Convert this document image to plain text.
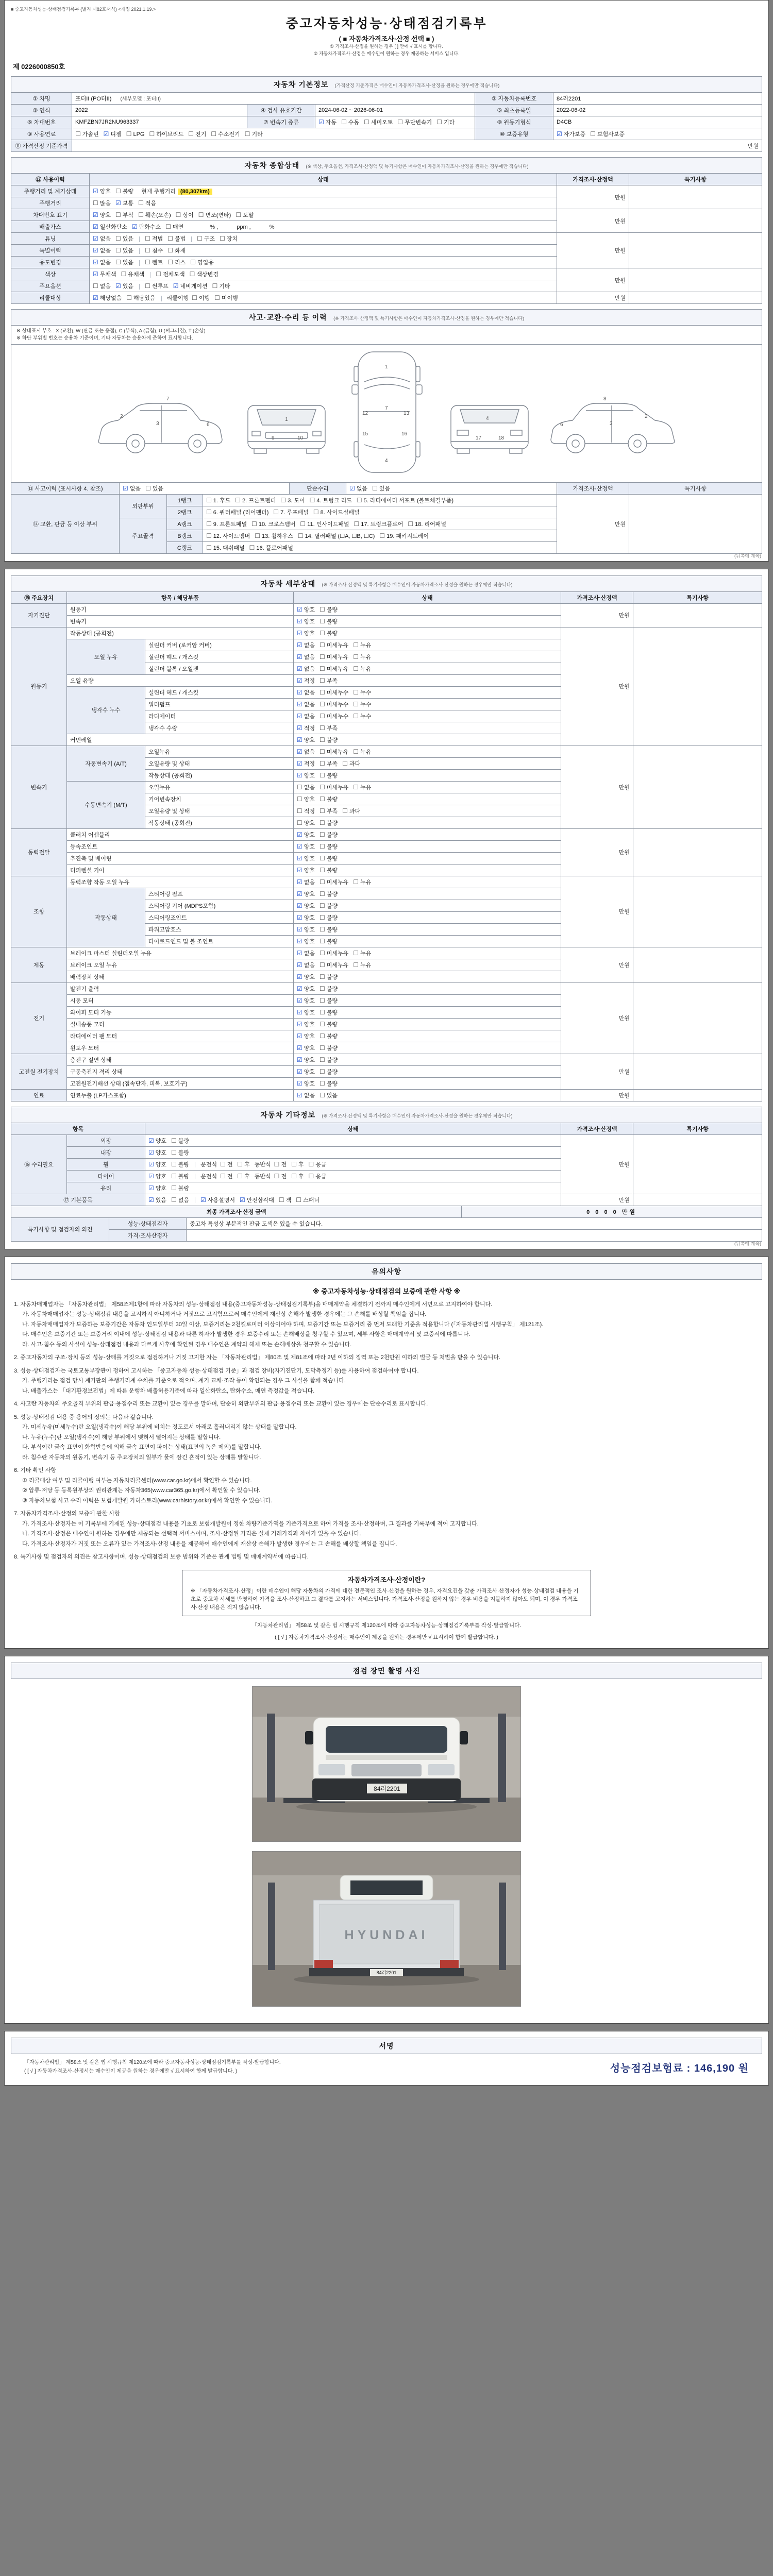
■ 중고자동차성능·상태점검기록부 (별지 제82호서식) <개정 2021.1.19.>
중고자동차성능·상태점검기록부
( ■ 자동차가격조사·산정 선택 ■ )
① 가격조사·산정을 원하는 경우 [ ] 안에 √ 표시를 합니다.
② 자동차가격조사·산정은 매수인이 원하는 경우 제공하는 서비스 입니다.
제 0226000850호
자동차 기본정보 (가격산정 기준가격은 매수인이 자동차가격조사·산정을 원하는 경우에만 적습니다)
① 차명	포터II (PO터II) (세부모델 : 포터II)			② 자동차등록번호	84러2201
③ 연식	2022	④ 검사 유효기간	2024-06-02 ~ 2026-06-01	⑤ 최초등록일	2022-06-02
⑥ 차대번호	KMFZBN7JR2NU963337	⑦ 변속기 종류	☑ 자동 ☐ 수동 ☐ 세미오토 ☐ 무단변속기 ☐ 기타	⑧ 원동기형식	D4CB
⑨ 사용연료	☐ 가솔린 ☑ 디젤 ☐ LPG ☐ 하이브리드 ☐ 전기 ☐ 수소전기 ☐ 기타			⑩ 보증유형	☑ 자가보증 ☐ 보험사보증
⑪ 가격산정 기준가격	만원				
자동차 종합상태 (※ 색상, 주요옵션, 가격조사·산정액 및 특기사항은 매수인이 자동차가격조사·산정을 원하는 경우에만 적습니다)
⑫ 사용이력	상태	가격조사·산정액	특기사항
주행거리 및 계기상태	☑ 양호 ☐ 불량 현재 주행거리 (80,307km)	만원	
주행거리	☐ 많음 ☑ 보통 ☐ 적음		
차대번호 표기	☑ 양호 ☐ 부식 ☐ 훼손(오손) ☐ 상이 ☐ 변조(변타) ☐ 도말	만원	
배출가스	☑ 일산화탄소 ☑ 탄화수소 ☐ 매연　　　 % ,　　　 ppm ,　　　 %		
튜닝	☑ 없음 ☐ 있음 ☐ 적법 ☐ 불법 ☐ 구조 ☐ 장치	만원	
특별이력	☑ 없음 ☐ 있음 ☐ 침수 ☐ 화재		
용도변경	☑ 없음 ☐ 있음 ☐ 렌트 ☐ 리스 ☐ 영업용		
색상	☑ 무채색 ☐ 유채색 ☐ 전체도색 ☐ 색상변경	만원	
주요옵션	☐ 없음 ☑ 있음 ☐ 썬루프 ☑ 네비게이션 ☐ 기타		
리콜대상	☑ 해당없음 ☐ 해당있음 리콜이행 ☐ 이행 ☐ 미이행	만원	
사고·교환·수리 등 이력 (※ 가격조사·산정액 및 특기사항은 매수인이 자동차가격조사·산정을 원하는 경우에만 적습니다)
※ 상태표시 부호 : X (교환), W (판금 또는 용접), C (부식), A (긁힘), U (찌그러짐), T (손상)
※ 하단 부위별 번호는 승용차 기준이며, 기타 자동차는 승용차에 준하여 표시합니다.
2
3	6
7
1
9	10
1
7
4
12	13
15	16
4
17	18
2
3
6
8
⑬ 사고이력 (표시사항 4. 참조)	☑ 없음 ☐ 있음	단순수리	☑ 없음 ☐ 있음	가격조사·산정액	특기사항
⑭ 교환, 판금 등 이상 부위	외판부위	1랭크	☐ 1. 후드 ☐ 2. 프론트펜더 ☐ 3. 도어 ☐ 4. 트렁크 리드 ☐ 5. 라디에이터 서포트 (볼트체결부품)	만원	
		2랭크	☐ 6. 쿼터패널 (리어펜더) ☐ 7. 루프패널 ☐ 8. 사이드실패널		
	주요골격	A랭크	☐ 9. 프론트패널 ☐ 10. 크로스멤버 ☐ 11. 인사이드패널 ☐ 17. 트렁크플로어 ☐ 18. 리어패널		
		B랭크	☐ 12. 사이드멤버 ☐ 13. 휠하우스 ☐ 14. 필러패널 (☐A, ☐B, ☐C) ☐ 19. 패키지트레이		
		C랭크	☐ 15. 대쉬패널 ☐ 16. 플로어패널		
(뒤쪽에 계속)
자동차 세부상태 (※ 가격조사·산정액 및 특기사항은 매수인이 자동차가격조사·산정을 원하는 경우에만 적습니다)
⑮ 주요장치	항목 / 해당부품		상태	가격조사·산정액	특기사항
자기진단	원동기		☑ 양호 ☐ 불량	만원	
	변속기		☑ 양호 ☐ 불량		
원동기	작동상태 (공회전)		☑ 양호 ☐ 불량	만원	
	오일 누유	실린더 커버 (로커암 커버)	☑ 없음 ☐ 미세누유 ☐ 누유		
		실린더 헤드 / 개스킷	☑ 없음 ☐ 미세누유 ☐ 누유		
		실린더 블록 / 오일팬	☑ 없음 ☐ 미세누유 ☐ 누유		
	오일 유량		☑ 적정 ☐ 부족		
	냉각수 누수	실린더 헤드 / 개스킷	☑ 없음 ☐ 미세누수 ☐ 누수		
		워터펌프	☑ 없음 ☐ 미세누수 ☐ 누수		
		라디에이터	☑ 없음 ☐ 미세누수 ☐ 누수		
		냉각수 수량	☑ 적정 ☐ 부족		
	커먼레일		☑ 양호 ☐ 불량		
변속기	자동변속기 (A/T)	오일누유	☑ 없음 ☐ 미세누유 ☐ 누유	만원	
		오일유량 및 상태	☑ 적정 ☐ 부족 ☐ 과다		
		작동상태 (공회전)	☑ 양호 ☐ 불량		
	수동변속기 (M/T)	오일누유	☐ 없음 ☐ 미세누유 ☐ 누유		
		기어변속장치	☐ 양호 ☐ 불량		
		오일유량 및 상태	☐ 적정 ☐ 부족 ☐ 과다		
		작동상태 (공회전)	☐ 양호 ☐ 불량		
동력전달	클러치 어셈블리		☑ 양호 ☐ 불량	만원	
	등속조인트		☑ 양호 ☐ 불량		
	추진축 및 베어링		☑ 양호 ☐ 불량		
	디퍼렌셜 기어		☑ 양호 ☐ 불량		
조향	동력조향 작동 오일 누유		☑ 없음 ☐ 미세누유 ☐ 누유	만원	
	작동상태	스티어링 펌프	☑ 양호 ☐ 불량		
		스티어링 기어 (MDPS포함)	☑ 양호 ☐ 불량		
		스티어링조인트	☑ 양호 ☐ 불량		
		파워고압호스	☑ 양호 ☐ 불량		
		타이로드엔드 및 볼 조인트	☑ 양호 ☐ 불량		
제동	브레이크 마스터 실린더오일 누유		☑ 없음 ☐ 미세누유 ☐ 누유	만원	
	브레이크 오일 누유		☑ 없음 ☐ 미세누유 ☐ 누유		
	배력장치 상태		☑ 양호 ☐ 불량		
전기	발전기 출력		☑ 양호 ☐ 불량	만원	
	시동 모터		☑ 양호 ☐ 불량		
	와이퍼 모터 기능		☑ 양호 ☐ 불량		
	실내송풍 모터		☑ 양호 ☐ 불량		
	라디에이터 팬 모터		☑ 양호 ☐ 불량		
	윈도우 모터		☑ 양호 ☐ 불량		
고전원 전기장치	충전구 절연 상태		☑ 양호 ☐ 불량	만원	
	구동축전지 격리 상태		☑ 양호 ☐ 불량		
	고전원전기배선 상태 (접속단자, 피복, 보호기구)		☑ 양호 ☐ 불량		
연료	연료누출 (LP가스포함)		☑ 없음 ☐ 있음	만원	
자동차 기타정보 (※ 가격조사·산정액 및 특기사항은 매수인이 자동차가격조사·산정을 원하는 경우에만 적습니다)
항목		상태	가격조사·산정액	특기사항
⑯ 수리필요	외장	☑ 양호 ☐ 불량	만원	
	내장	☑ 양호 ☐ 불량		
	휠	☑ 양호 ☐ 불량 운전석 ☐ 전 ☐ 후 동반석 ☐ 전 ☐ 후 ☐ 응급		
	타이어	☑ 양호 ☐ 불량 운전석 ☐ 전 ☐ 후 동반석 ☐ 전 ☐ 후 ☐ 응급		
	유리	☑ 양호 ☐ 불량		
⑰ 기본품목		☑ 있음 ☐ 없음 ☑ 사용설명서 ☑ 안전삼각대 ☐ 잭 ☐ 스패너	만원	
최종 가격조사·산정 금액	0 0 0 0 만원
특기사항 및 점검자의 의견	성능·상태점검자	중고차 특성상 부분적인 판금 도색은 있을 수 있습니다.
	가격·조사산정자	
(뒤쪽에 계속)
유의사항
※ 중고자동차성능·상태점검의 보증에 관한 사항 ※
1. 자동차매매업자는 「자동차관리법」 제58조제1항에 따라 자동차의 성능·상태점검 내용(중고자동차성능·상태점검기록부)을 매매계약을 체결하기 전까지 매수인에게 서면으로 고지하여야 합니다.
가. 자동차매매업자는 성능·상태점검 내용을 고지하지 아니하거나 거짓으로 고지함으로써 매수인에게 재산상 손해가 발생한 경우에는 그 손해를 배상할 책임을 집니다.
나. 자동차매매업자가 보증하는 보증기간은 자동차 인도일부터 30일 이상, 보증거리는 2천킬로미터 이상이어야 하며, 보증기간 또는 보증거리 중 먼저 도래한 기준을 적용합니다 (「자동차관리법 시행규칙」 제121조).
다. 매수인은 보증기간 또는 보증거리 이내에 성능·상태점검 내용과 다른 하자가 발생한 경우 보증수리 또는 손해배상을 청구할 수 있으며, 세부 사항은 매매계약서 및 보증서에 따릅니다.
라. 사고·침수 등의 사실이 성능·상태점검 내용과 다르게 사후에 확인된 경우 매수인은 계약의 해제 또는 손해배상을 청구할 수 있습니다.
2. 중고자동차의 구조·장치 등의 성능·상태를 거짓으로 점검하거나 거짓 고지한 자는 「자동차관리법」 제80조 및 제81조에 따라 2년 이하의 징역 또는 2천만원 이하의 벌금 등 처벌을 받을 수 있습니다.
3. 성능·상태점검자는 국토교통부장관이 정하여 고시하는 「중고자동차 성능·상태점검 기준」과 점검 장비(자기진단기, 도막측정기 등)를 사용하여 점검하여야 합니다.
가. 주행거리는 점검 당시 계기판의 주행거리계 수치를 기준으로 적으며, 계기 교체·조작 등이 확인되는 경우 그 사실을 함께 적습니다.
나. 배출가스는 「대기환경보전법」에 따른 운행차 배출허용기준에 따라 일산화탄소, 탄화수소, 매연 측정값을 적습니다.
4. 사고란 자동차의 주요골격 부위의 판금·용접수리 또는 교환이 있는 경우를 말하며, 단순히 외판부위의 판금·용접수리 또는 교환이 있는 경우에는 단순수리로 표시합니다.
5. 성능·상태점검 내용 중 용어의 정의는 다음과 같습니다.
가. 미세누유(미세누수)란 오일(냉각수)이 해당 부위에 비치는 정도로서 아래로 흘러내리지 않는 상태를 말합니다.
나. 누유(누수)란 오일(냉각수)이 해당 부위에서 맺혀서 떨어지는 상태를 말합니다.
다. 부식이란 금속 표면이 화학반응에 의해 금속 표면이 파이는 상태(표면의 녹은 제외)를 말합니다.
라. 침수란 자동차의 원동기, 변속기 등 주요장치의 일부가 물에 잠긴 흔적이 있는 상태를 말합니다.
6. 기타 확인 사항
① 리콜대상 여부 및 리콜이행 여부는 자동차리콜센터(www.car.go.kr)에서 확인할 수 있습니다.
② 압류·저당 등 등록원부상의 권리관계는 자동차365(www.car365.go.kr)에서 확인할 수 있습니다.
③ 자동차보험 사고 수리 이력은 보험개발원 카히스토리(www.carhistory.or.kr)에서 확인할 수 있습니다.
7. 자동차가격조사·산정의 보증에 관한 사항
가. 가격조사·산정자는 이 기록부에 기재된 성능·상태점검 내용을 기초로 보험개발원이 정한 차량기준가액을 기준가격으로 하여 가격을 조사·산정하며, 그 결과를 기록부에 적어 고지합니다.
나. 가격조사·산정은 매수인이 원하는 경우에만 제공되는 선택적 서비스이며, 조사·산정된 가격은 실제 거래가격과 차이가 있을 수 있습니다.
다. 가격조사·산정자가 거짓 또는 오류가 있는 가격조사·산정 내용을 제공하여 매수인에게 재산상 손해가 발생한 경우에는 그 손해를 배상할 책임을 집니다.
8. 특기사항 및 점검자의 의견은 참고사항이며, 성능·상태점검의 보증 범위와 기준은 관계 법령 및 매매계약서에 따릅니다.
자동차가격조사·산정이란?
※ 「자동차가격조사·산정」이란 매수인이 해당 자동차의 가격에 대한 전문적인 조사·산정을 원하는 경우, 자격요건을 갖춘 가격조사·산정자가 성능·상태점검 내용을 기초로 중고차 시세를 반영하여 가격을 조사·산정하고 그 결과를 고지하는 서비스입니다. 가격조사·산정을 원하지 않는 경우 비용을 지불하지 않아도 되며, 이 경우 가격조사·산정 내용은 적지 않습니다.
「자동차관리법」 제58조 및 같은 법 시행규칙 제120조에 따라 중고자동차성능·상태점검기록부를 작성·발급합니다.
( [ √ ] 자동차가격조사·산정서는 매수인이 제공을 원하는 경우에만 √ 표시하여 함께 발급합니다. )
점검 장면 촬영 사진
84러2201
HYUNDAI
84러2201
서명
「자동차관리법」 제58조 및 같은 법 시행규칙 제120조에 따라 중고자동차성능·상태점검기록부를 작성·발급합니다.
( [ √ ] 자동차가격조사·산정서는 매수인이 제공을 원하는 경우에만 √ 표시하여 함께 발급합니다. )	성능점검보험료 : 146,190 원
